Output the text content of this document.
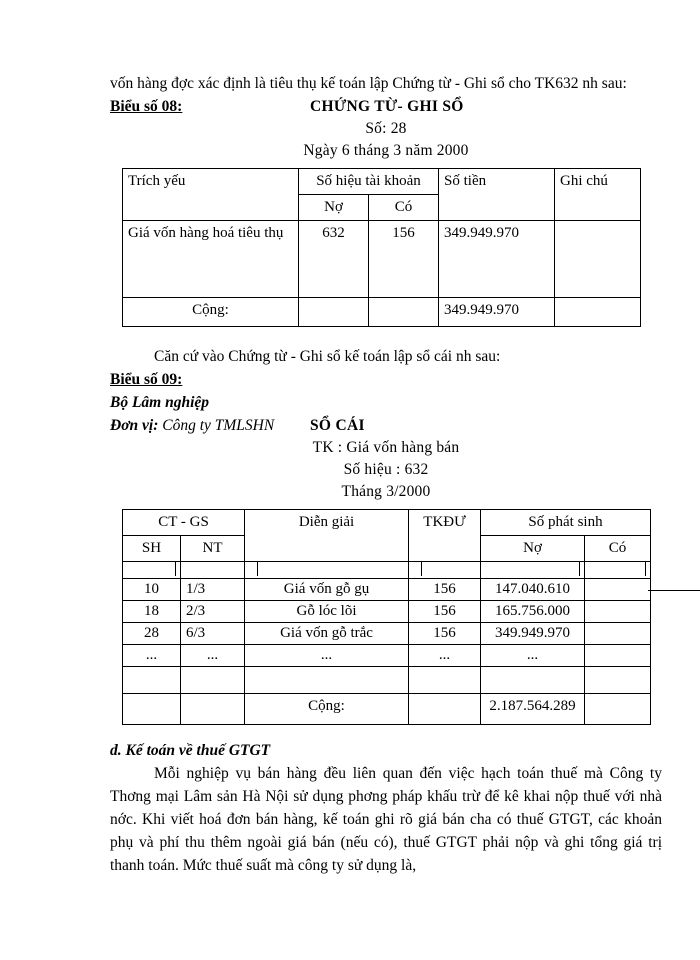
vốn hàng đợc xác định là tiêu thụ kế toán lập Chứng từ - Ghi sổ cho TK632 nh sau:

Biểu số 08:	CHỨNG TỪ- GHI SỔ
Số: 28
Ngày 6 tháng 3 năm 2000
Trích yếu	Số hiệu tài khoản		Số tiền	Ghi chú
	Nợ	Có		
Giá vốn hàng hoá tiêu thụ	632	156	349.949.970	
Cộng:			349.949.970	

Căn cứ vào Chứng từ - Ghi sổ kế toán lập sổ cái nh sau:

Biểu số 09:
Bộ Lâm nghiệp
Đơn vị: Công ty TMLSHN SỔ CÁI
TK : Giá vốn hàng bán
Số hiệu : 632
Tháng 3/2000
CT - GS		Diễn giải	TKĐƯ	Số phát sinh	
SH	NT			Nợ	Có

10	1/3	Giá vốn gỗ gụ	156	147.040.610	
18	2/3	Gỗ lóc lõi	156	165.756.000	
28	6/3	Giá vốn gỗ trắc	156	349.949.970	
...	...	...	...	...	

		Cộng:		2.187.564.289	
d. Kế toán về thuế GTGT

Mỗi nghiệp vụ bán hàng đều liên quan đến việc hạch toán thuế mà Công ty Thơng mại Lâm sản Hà Nội sử dụng phơng pháp khấu trừ để kê khai nộp thuế với nhà nớc. Khi viết hoá đơn bán hàng, kế toán ghi rõ giá bán cha có thuế GTGT, các khoản phụ và phí thu thêm ngoài giá bán (nếu có), thuế GTGT phải nộp và ghi tổng giá trị thanh toán. Mức thuế suất mà công ty sử dụng là,
